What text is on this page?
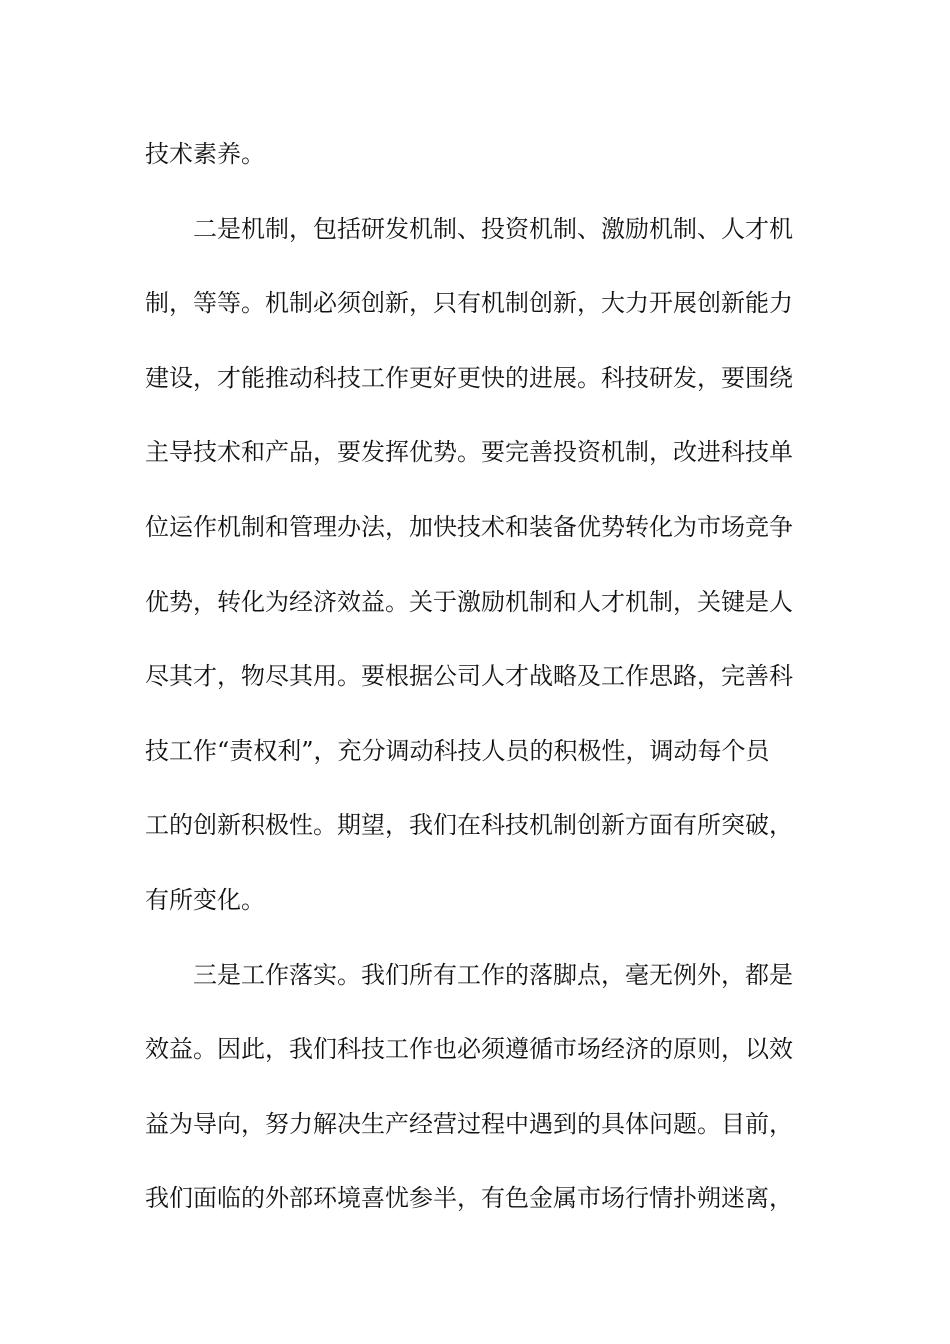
技术素养。

二是机制，包括研发机制、投资机制、激励机制、人才机

制，等等。机制必须创新，只有机制创新，大力开展创新能力

建设，才能推动科技工作更好更快的进展。科技研发，要围绕

主导技术和产品，要发挥优势。要完善投资机制，改进科技单

位运作机制和管理办法，加快技术和装备优势转化为市场竞争

优势，转化为经济效益。关于激励机制和人才机制，关键是人

尽其才，物尽其用。要根据公司人才战略及工作思路，完善科

技工作“责权利”，充分调动科技人员的积极性，调动每个员

工的创新积极性。期望，我们在科技机制创新方面有所突破，

有所变化。

三是工作落实。我们所有工作的落脚点，毫无例外，都是

效益。因此，我们科技工作也必须遵循市场经济的原则，以效

益为导向，努力解决生产经营过程中遇到的具体问题。目前，

我们面临的外部环境喜忧参半，有色金属市场行情扑朔迷离，
